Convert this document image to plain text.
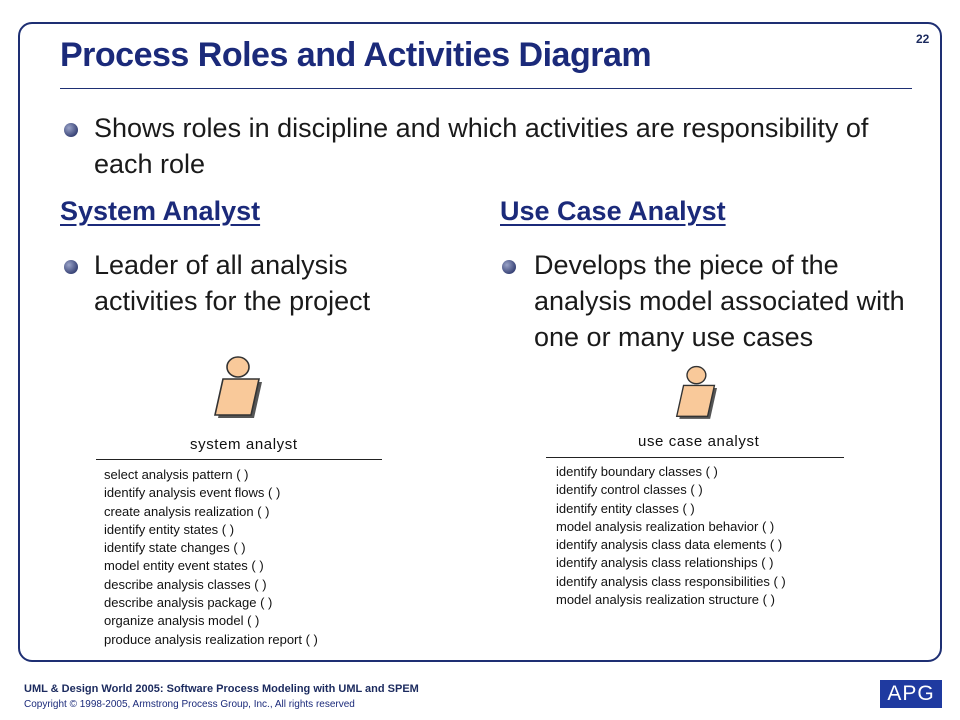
22
Process Roles and Activities Diagram
Shows roles in discipline and which activities are responsibility of each role
System Analyst
Leader of all analysis activities for the project
Use Case Analyst
Develops the piece of the analysis model associated with one or many use cases
system analyst
select analysis pattern ( )
identify analysis event flows ( )
create analysis realization ( )
identify entity states ( )
identify state changes ( )
model entity event states ( )
describe analysis classes ( )
describe analysis package ( )
organize analysis model ( )
produce analysis realization report ( )
use case analyst
identify boundary classes ( )
identify control classes ( )
identify entity classes ( )
model analysis realization behavior ( )
identify analysis class data elements ( )
identify analysis class relationships ( )
identify analysis class responsibilities ( )
model analysis realization structure ( )
UML & Design World 2005: Software Process Modeling with UML and SPEM
Copyright © 1998-2005, Armstrong Process Group, Inc., All rights reserved	APG
